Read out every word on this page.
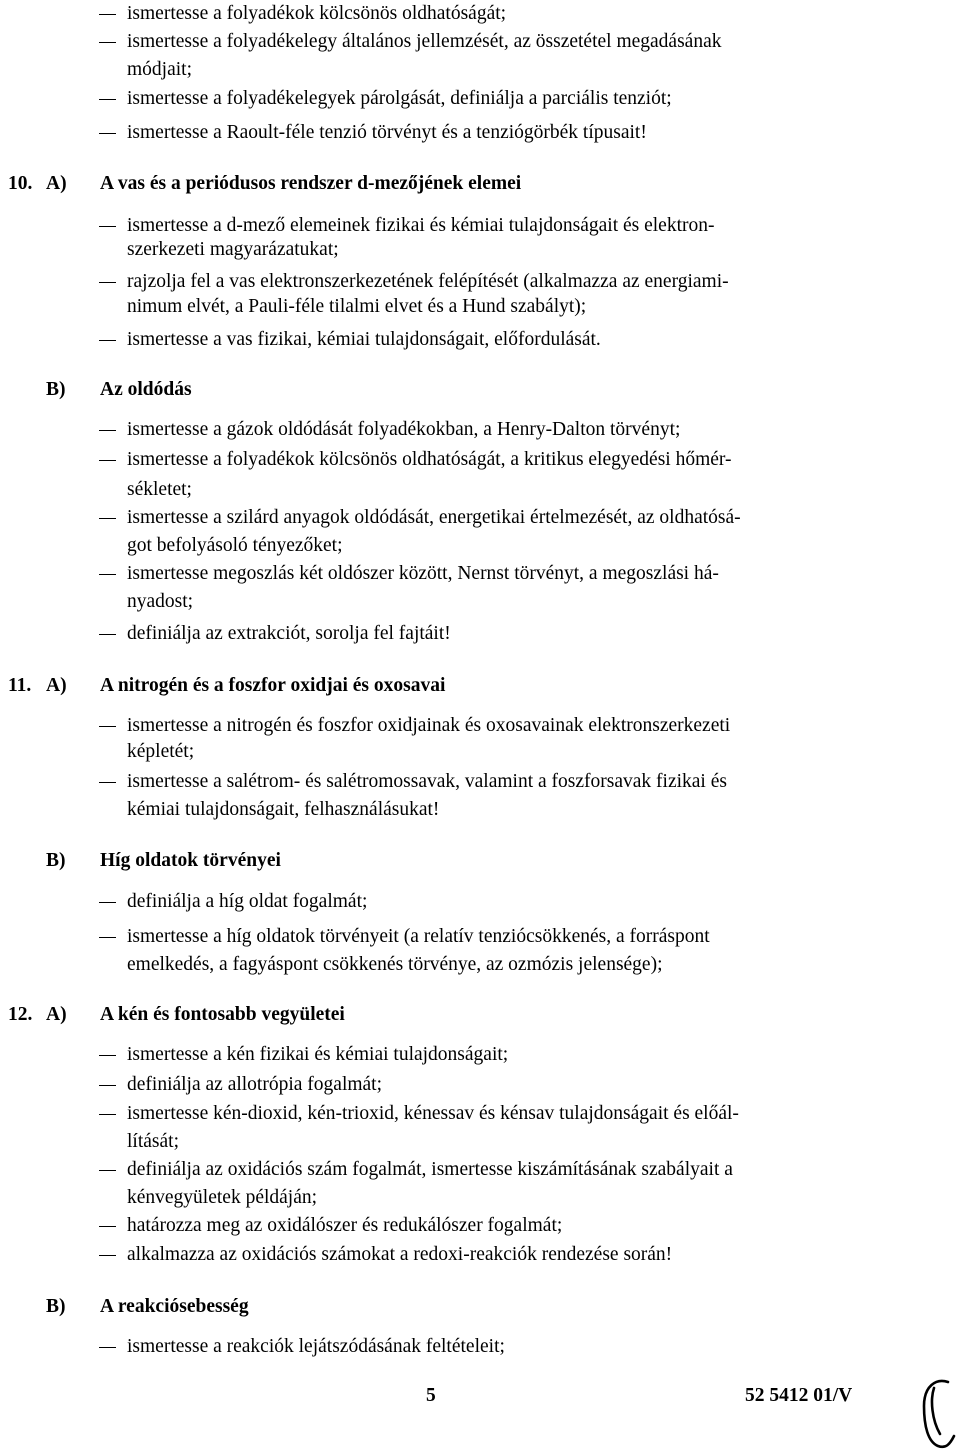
ismertesse a folyadékok kölcsönös oldhatóságát;
ismertesse a folyadékelegy általános jellemzését, az összetétel megadásának
módjait;
ismertesse a folyadékelegyek párolgását, definiálja a parciális tenziót;
ismertesse a Raoult-féle tenzió törvényt és a tenziógörbék típusait!
10. A) A vas és a periódusos rendszer d-mezőjének elemei
ismertesse a d-mező elemeinek fizikai és kémiai tulajdonságait és elektron-
szerkezeti magyarázatukat;
rajzolja fel a vas elektronszerkezetének felépítését (alkalmazza az energiami-
nimum elvét, a Pauli-féle tilalmi elvet és a Hund szabályt);
ismertesse a vas fizikai, kémiai tulajdonságait, előfordulását.
B) Az oldódás
ismertesse a gázok oldódását folyadékokban, a Henry-Dalton törvényt;
ismertesse a folyadékok kölcsönös oldhatóságát, a kritikus elegyedési hőmér-
sékletet;
ismertesse a szilárd anyagok oldódását, energetikai értelmezését, az oldhatósá-
got befolyásoló tényezőket;
ismertesse megoszlás két oldószer között, Nernst törvényt, a megoszlási há-
nyadost;
definiálja az extrakciót, sorolja fel fajtáit!
11. A) A nitrogén és a foszfor oxidjai és oxosavai
ismertesse a nitrogén és foszfor oxidjainak és oxosavainak elektronszerkezeti
képletét;
ismertesse a salétrom- és salétromossavak, valamint a foszforsavak fizikai és
kémiai tulajdonságait, felhasználásukat!
B) Híg oldatok törvényei
definiálja a híg oldat fogalmát;
ismertesse a híg oldatok törvényeit (a relatív tenziócsökkenés, a forráspont
emelkedés, a fagyáspont csökkenés törvénye, az ozmózis jelensége);
12. A) A kén és fontosabb vegyületei
ismertesse a kén fizikai és kémiai tulajdonságait;
definiálja az allotrópia fogalmát;
ismertesse kén-dioxid, kén-trioxid, kénessav és kénsav tulajdonságait és előál-
lítását;
definiálja az oxidációs szám fogalmát, ismertesse kiszámításának szabályait a
kénvegyületek példáján;
határozza meg az oxidálószer és redukálószer fogalmát;
alkalmazza az oxidációs számokat a redoxi-reakciók rendezése során!
B) A reakciósebesség
ismertesse a reakciók lejátszódásának feltételeit;
5	52 5412 01/V
